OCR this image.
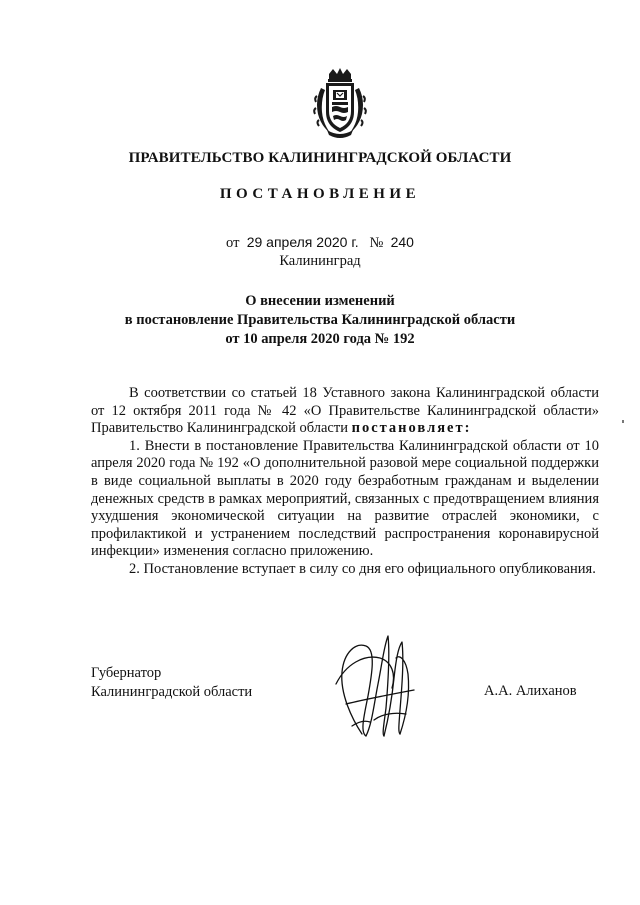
ПРАВИТЕЛЬСТВО КАЛИНИНГРАДСКОЙ ОБЛАСТИ
ПОСТАНОВЛЕНИЕ
от 29 апреля 2020 г. № 240
Калининград
О внесении изменений
в постановление Правительства Калининградской области
от 10 апреля 2020 года № 192

В соответствии со статьей 18 Уставного закона Калининградской области от 12 октября 2011 года № 42 «О Правительстве Калининградской области» Правительство Калининградской области постановляет:

1. Внести в постановление Правительства Калининградской области от 10 апреля 2020 года № 192 «О дополнительной разовой мере социальной поддержки в виде социальной выплаты в 2020 году безработным гражданам и выделении денежных средств в рамках мероприятий, связанных с предотвращением влияния ухудшения экономической ситуации на развитие отраслей экономики, с профилактикой и устранением последствий распространения коронавирусной инфекции» изменения согласно приложению.

2. Постановление вступает в силу со дня его официального опубликования.

Губернатор
Калининградской области	А.А. Алиханов
